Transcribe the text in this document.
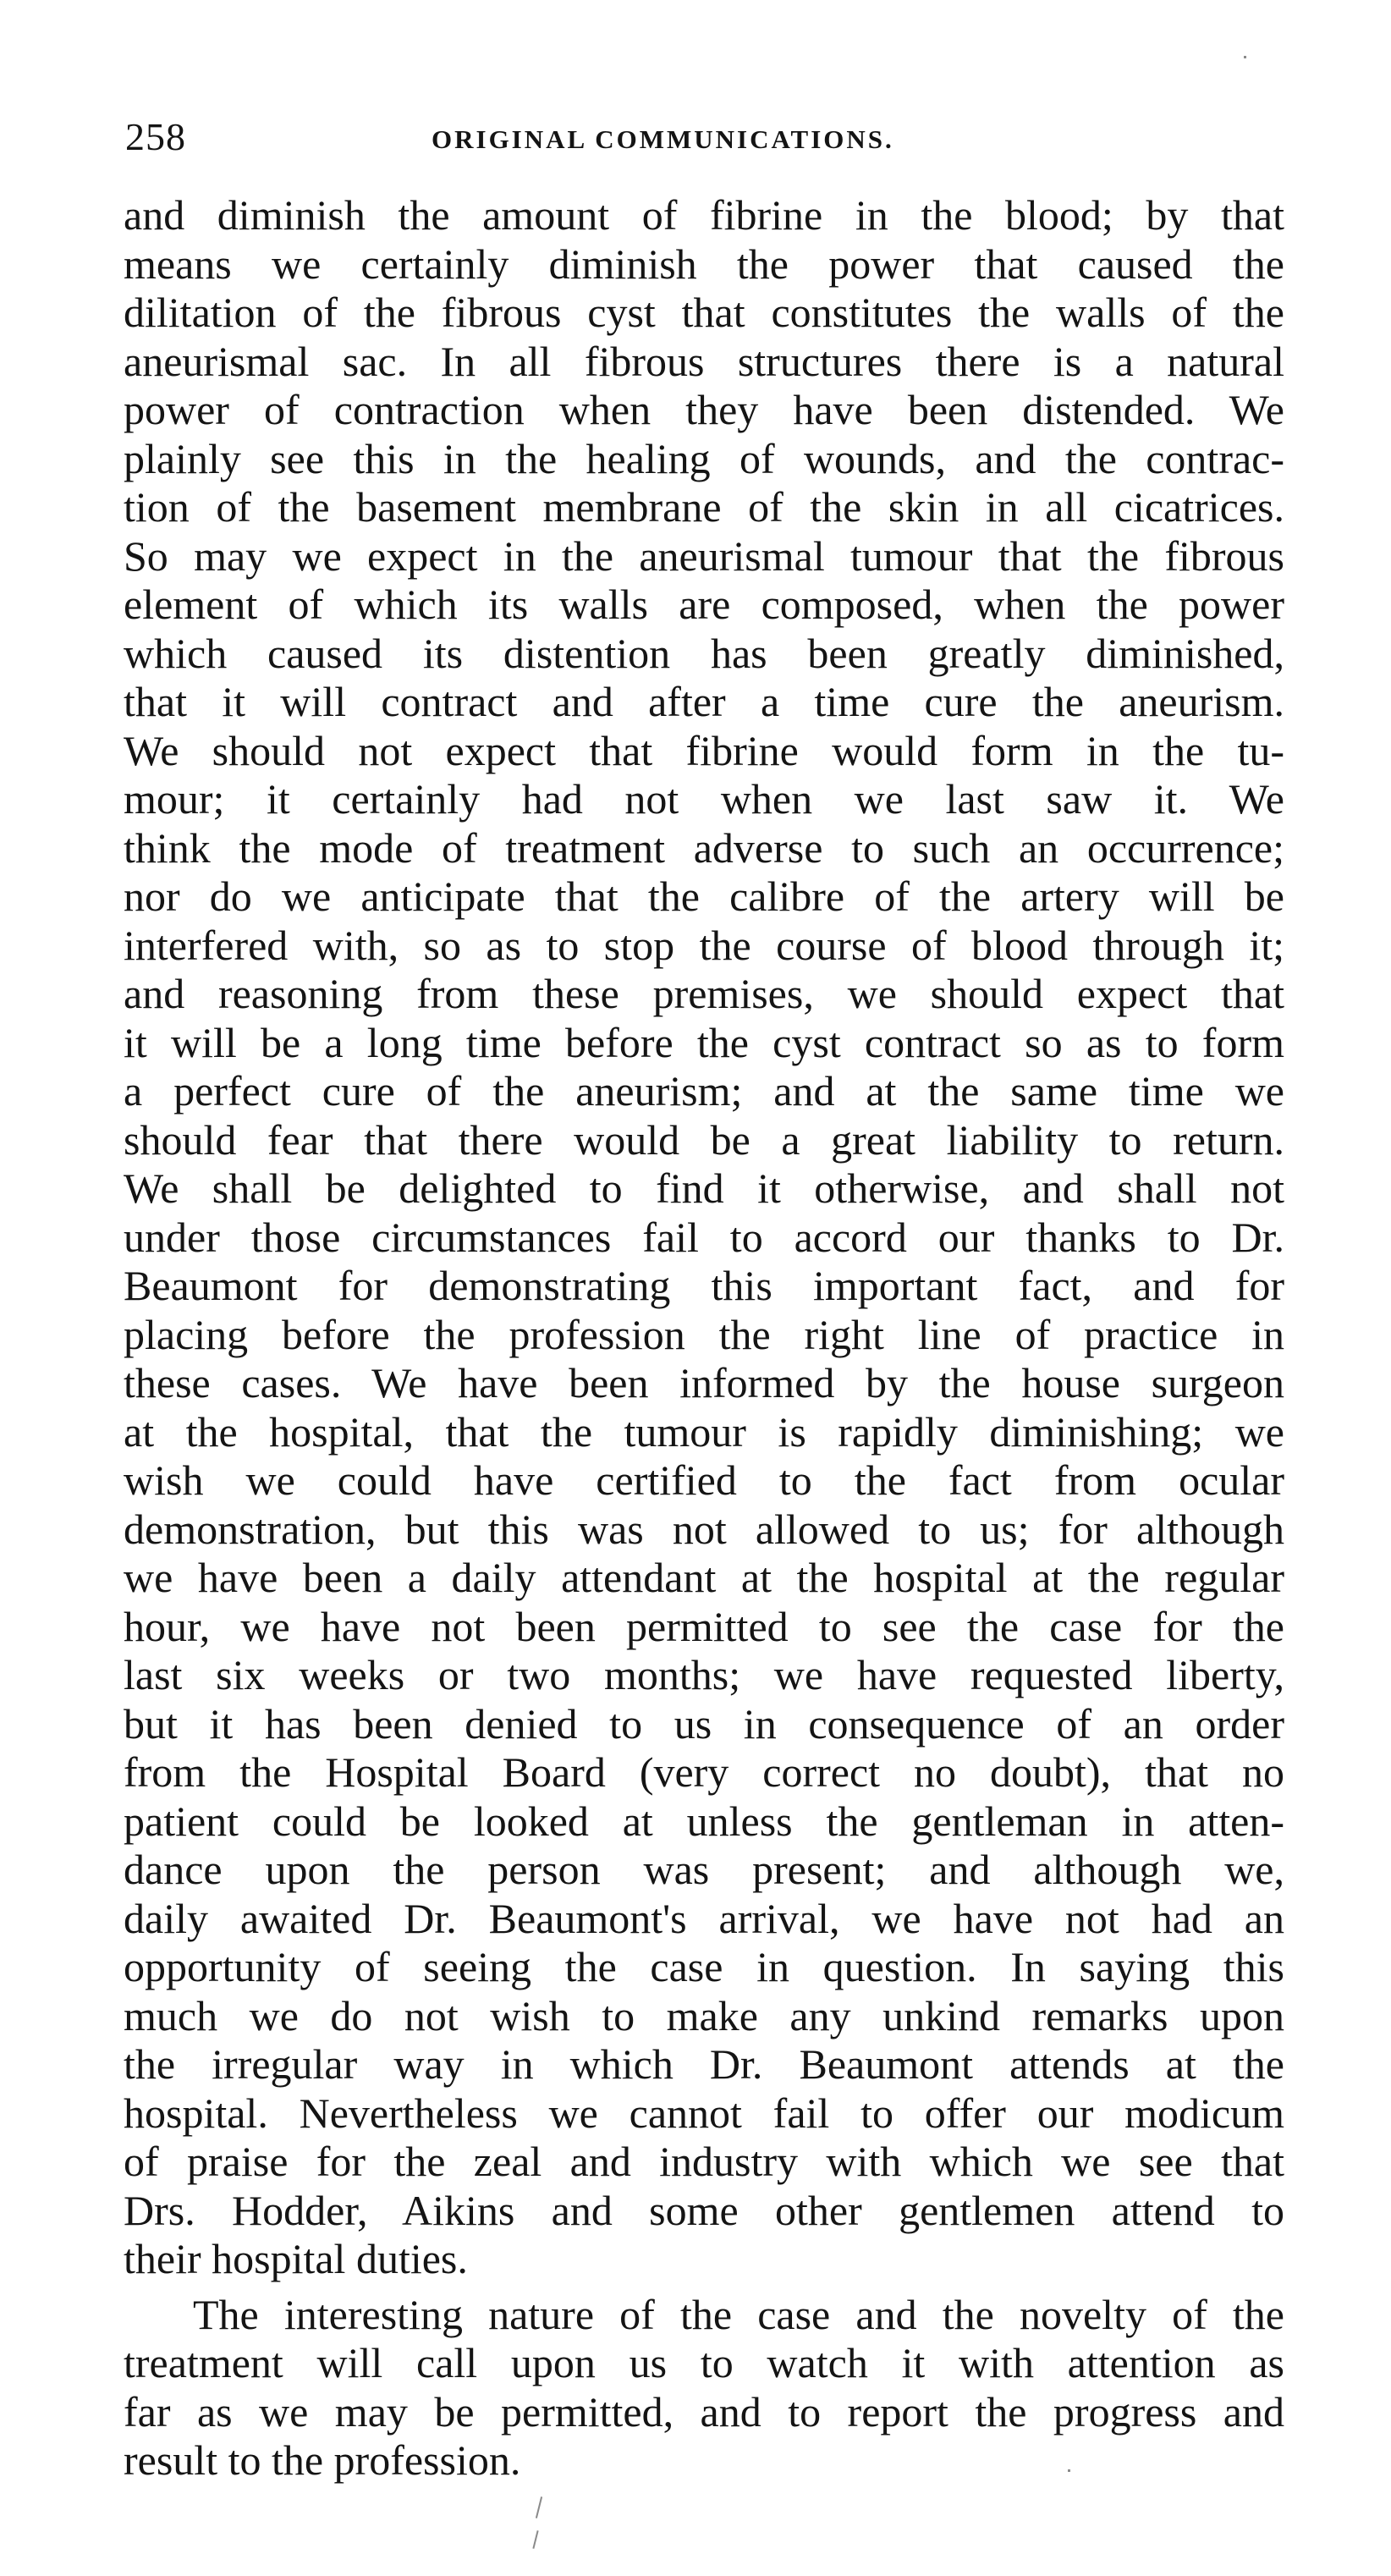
258	ORIGINAL COMMUNICATIONS.
and diminish the amount of fibrine in the blood; by that
means we certainly diminish the power that caused the
dilitation of the fibrous cyst that constitutes the walls of the
aneurismal sac. In all fibrous structures there is a natural
power of contraction when they have been distended. We
plainly see this in the healing of wounds, and the contrac-
tion of the basement membrane of the skin in all cicatrices.
So may we expect in the aneurismal tumour that the fibrous
element of which its walls are composed, when the power
which caused its distention has been greatly diminished,
that it will contract and after a time cure the aneurism.
We should not expect that fibrine would form in the tu-
mour; it certainly had not when we last saw it. We
think the mode of treatment adverse to such an occurrence;
nor do we anticipate that the calibre of the artery will be
interfered with, so as to stop the course of blood through it;
and reasoning from these premises, we should expect that
it will be a long time before the cyst contract so as to form
a perfect cure of the aneurism; and at the same time we
should fear that there would be a great liability to return.
We shall be delighted to find it otherwise, and shall not
under those circumstances fail to accord our thanks to Dr.
Beaumont for demonstrating this important fact, and for
placing before the profession the right line of practice in
these cases. We have been informed by the house surgeon
at the hospital, that the tumour is rapidly diminishing; we
wish we could have certified to the fact from ocular
demonstration, but this was not allowed to us; for although
we have been a daily attendant at the hospital at the regular
hour, we have not been permitted to see the case for the
last six weeks or two months; we have requested liberty,
but it has been denied to us in consequence of an order
from the Hospital Board (very correct no doubt), that no
patient could be looked at unless the gentleman in atten-
dance upon the person was present; and although we,
daily awaited Dr. Beaumont's arrival, we have not had an
opportunity of seeing the case in question. In saying this
much we do not wish to make any unkind remarks upon
the irregular way in which Dr. Beaumont attends at the
hospital. Nevertheless we cannot fail to offer our modicum
of praise for the zeal and industry with which we see that
Drs. Hodder, Aikins and some other gentlemen attend to
their hospital duties.
The interesting nature of the case and the novelty of the
treatment will call upon us to watch it with attention as
far as we may be permitted, and to report the progress and
result to the profession.
